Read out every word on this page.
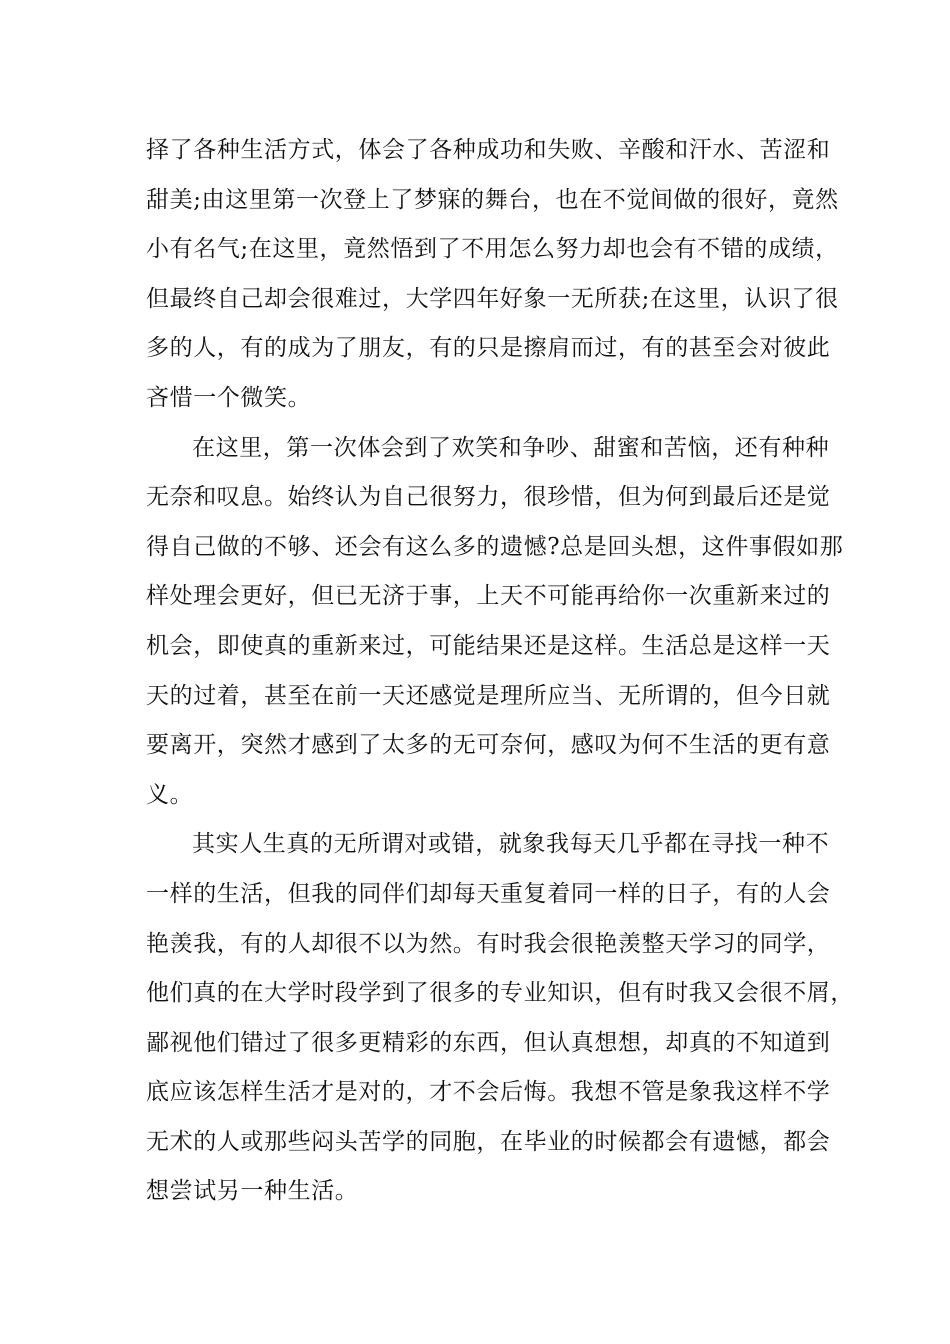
择了各种生活方式，体会了各种成功和失败、辛酸和汗水、苦涩和
甜美;由这里第一次登上了梦寐的舞台，也在不觉间做的很好，竟然
小有名气;在这里，竟然悟到了不用怎么努力却也会有不错的成绩，
但最终自己却会很难过，大学四年好象一无所获;在这里，认识了很
多的人，有的成为了朋友，有的只是擦肩而过，有的甚至会对彼此
吝惜一个微笑。
在这里，第一次体会到了欢笑和争吵、甜蜜和苦恼，还有种种
无奈和叹息。始终认为自己很努力，很珍惜，但为何到最后还是觉
得自己做的不够、还会有这么多的遗憾?总是回头想，这件事假如那
样处理会更好，但已无济于事，上天不可能再给你一次重新来过的
机会，即使真的重新来过，可能结果还是这样。生活总是这样一天
天的过着，甚至在前一天还感觉是理所应当、无所谓的，但今日就
要离开，突然才感到了太多的无可奈何，感叹为何不生活的更有意
义。
其实人生真的无所谓对或错，就象我每天几乎都在寻找一种不
一样的生活，但我的同伴们却每天重复着同一样的日子，有的人会
艳羡我，有的人却很不以为然。有时我会很艳羡整天学习的同学，
他们真的在大学时段学到了很多的专业知识，但有时我又会很不屑，
鄙视他们错过了很多更精彩的东西，但认真想想，却真的不知道到
底应该怎样生活才是对的，才不会后悔。我想不管是象我这样不学
无术的人或那些闷头苦学的同胞，在毕业的时候都会有遗憾，都会
想尝试另一种生活。
